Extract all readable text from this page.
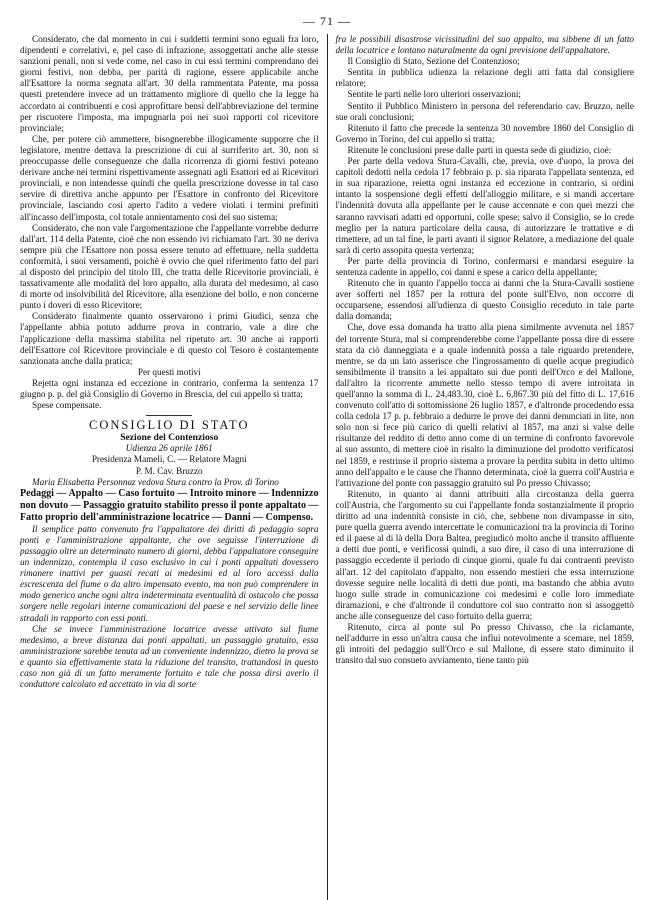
— 71 —

Considerato, che dal momento in cui i suddetti termini sono eguali fra loro, dipendenti e correlativi, e, pel caso di infrazione, assoggettati anche alle stesse sanzioni penali, non si vede come, nel caso in cui essi termini comprendano dei giorni festivi, non debba, per parità di ragione, essere applicabile anche all'Esattore la norma segnata all'art. 30 della rammentata Patente, ma possa questi pretendere invece ad un trattamento migliore di quello che la legge ha accordato ai contribuenti e così approfittare bensì dell'abbreviazione del termine per riscuotere l'imposta, ma impugnarla poi nei suoi rapporti col ricevitore provinciale;

Che, per potere ciò ammettere, bisognerebbe illogicamente supporre che il legislatore, mentre dettava la prescrizione di cui al surriferito art. 30, non si preoccupasse delle conseguenze che dalla ricorrenza di giorni festivi poteano derivare anche nei termini rispettivamente assegnati agli Esattori ed ai Ricevitori provinciali, e non intendesse quindi che quella prescrizione dovesse in tal caso servire di direttiva anche appunto per l'Esattore in confronto del Ricevitore provinciale, lasciando così aperto l'adito a vedere violati i termini prefiniti all'incasso dell'imposta, col totale annientamento così del suo sistema;

Considerato, che non vale l'argomentazione che l'appellante vorrebbe dedurre dall'art. 114 della Patente, cioè che non essendo ivi richiamato l'art. 30 ne deriva sempre più che l'Esattore non possa essere tenuto ad effettuare, nella suddetta conformità, i suoi versamenti, poichè è ovvio che quel riferimento fatto del pari al disposto del principio del titolo III, che tratta delle Ricevitorie provinciali, è tassativamente alle modalità del loro appalto, alla durata del medesimo, al caso di morte od insolvibilità del Ricevitore, alla esenzione del bollo, e non concerne punto i doveri di esso Ricevitore;

Considerato finalmente quanto osservarono i primi Giudici, senza che l'appellante abbia potuto addurre prova in contrario, vale a dire che l'applicazione della massima stabilita nel ripetuto art. 30 anche ai rapporti dell'Esattore col Ricevitore provinciale e di questo col Tesoro è costantemente sanzionata anche dalla pratica;

Per questi motivi

Rejetta ogni instanza ed eccezione in contrario, conferma la sentenza 17 giugno p. p. del già Consiglio di Governo in Brescia, del cui appello si tratta;

Spese compensate.

CONSIGLIO DI STATO
Sezione del Contenzioso

Udienza 26 aprile 1861

Presidenza Mameli, C. — Relatore Magni

P. M. Cav. Bruzzo

Maria Elisabetta Personnaz vedova Stura contro la Prov. di Torino

Pedaggi — Appalto — Caso fortuito — Introito minore — Indennizzo non dovuto — Passaggio gratuito stabilito presso il ponte appaltato — Fatto proprio dell'amministrazione locatrice — Danni — Compenso.

Il semplice patto convenuto fra l'appaltatore dei diritti di pedaggio sopra ponti e l'amministrazione appaltante, che ove seguisse l'interruzione di passaggio oltre un determinato numero di giorni, debba l'appaltatore conseguire un indennizzo, contempla il caso esclusivo in cui i ponti appaltati dovessero rimanere inattivi per guasti recati ai medesimi ed al loro accessi dalla escrescenza del fiume o da altro impensato evento, ma non può comprendere in modo generico anche ogni altra indeterminata eventualità di ostacolo che possa sorgere nelle regolari interne comunicazioni del paese e nel servizio delle linee stradali in rapporto con essi ponti.

Che se invece l'amministrazione locatrice avesse attivato sul fiume medesimo, a breve distanza dai ponti appaltati, un passaggio gratuito, essa amministrazione sarebbe tenuta ad un conveniente indennizzo, dietro la prova se e quanto sia effettivamente stata la riduzione del transito, trattandosi in questo caso non già di un fatto meramente fortuito e tale che possa dirsi averlo il conduttore calcolato ed accettato in via di sorte

fra le possibili disastrose vicissitudini del suo appalto, ma sibbene di un fatto della locatrice e lontano naturalmente da ogni previsione dell'appaltatore.

Il Consiglio di Stato, Sezione del Contenzioso;

Sentita in pubblica udienza la relazione degli atti fatta dal consigliere relatore;

Sentite le parti nelle loro ulteriori osservazioni;

Sentito il Pubblico Ministero in persona del referendario cav. Bruzzo, nelle sue orali conclusioni;

Ritenuto il fatto che precede la sentenza 30 novembre 1860 del Consiglio di Governo in Torino, del cui appello si tratta;

Ritenute le conclusioni prese dalle parti in questa sede di giudizio, cioè:

Per parte della vedova Stura-Cavalli, che, previa, ove d'uopo, la prova dei capitoli dedotti nella cedola 17 febbraio p. p. sia riparata l'appellata sentenza, ed in sua riparazione, reietta ogni instanza ed eccezione in contrario, si ordini intanto la sospensione degli effetti dell'alloggio militare, e si mandi accertare l'indennità dovuta alla appellante per le cause accennate e con quei mezzi che saranno ravvisati adatti ed opportuni, colle spese; salvo il Consiglio, se lo crede meglio per la natura particolare della causa, di autorizzare le trattative e di rimettere, ad un tal fine, le parti avanti il signor Relatore, a mediazione del quale sarà di certo assopita questa vertenza;

Per parte della provincia di Torino, confermarsi e mandarsi eseguire la sentenza cadente in appello, coi danni e spese a carico della appellante;

Ritenuto che in quanto l'appello tocca ai danni che la Stura-Cavalli sostiene aver sofferti nel 1857 per la rottura del ponte sull'Elvo, non occorre di occuparsene, essendosi all'udienza di questo Consiglio receduto in tale parte dalla domanda;

Che, dove essa domanda ha tratto alla piena similmente avvenuta nel 1857 del torrente Stura, mal si comprenderebbe come l'appellante possa dire di essere stata da ciò danneggiata e a quale indennità possa a tale riguardo pretendere, mentre, se da un lato asserisce che l'ingrossamento di quelle acque pregiudicò sensibilmente il transito a lei appaltato sui due ponti dell'Orco e del Mallone, dall'altro la ricorrente ammette nello stesso tempo di avere introitata in quell'anno la somma di L. 24,483.30, cioè L. 6,867.30 più del fitto di L. 17,616 convenuto coll'atto di sottomissione 26 luglio 1857, e d'altronde procedendo essa colla cedola 17 p. p. febbraio a dedurre le prove dei danni denunciati in lite, non solo non si fece più carico di quelli relativi al 1857, ma anzi si valse delle risultanze del reddito di detto anno come di un termine di confronto favorevole al suo assunto, di mettere cioè in risalto la diminuzione del prodotto verificatosi nel 1859, e restrinse il proprio sistema a provare la perdita subita in detto ultimo anno dell'appalto e le cause che l'hanno determinata, cioè la guerra coll'Austria e l'attivazione del ponte con passaggio gratuito sul Po presso Chivasso;

Ritenuto, in quanto ai danni attribuiti alla circostanza della guerra coll'Austria, che l'argomento su cui l'appellante fonda sostanzialmente il proprio diritto ad una indennità consiste in ciò, che, sebbene non divampasse in sito, pure quella guerra avendo intercettate le comunicazioni tra la provincia di Torino ed il paese al di là della Dora Baltea, pregiudicò molto anche il transito affluente a detti due ponti, e verificossi quindi, a suo dire, il caso di una interruzione di passaggio eccedente il periodo di cinque giorni, quale fu dai contraenti previsto all'art. 12 del capitolato d'appalto, non essendo mestieri che essa interruzione dovesse seguire nelle località di detti due ponti, ma bastando che abbia avuto luogo sulle strade in comunicazione coi medesimi e colle loro immediate diramazioni, e che d'altronde il conduttore col suo contratto non si assoggettò anche alle conseguenze del caso fortuito della guerra;

Ritenuto, circa al ponte sul Po presso Chivasso, che la riclamante, nell'addurre in esso un'altra causa che influì notevolmente a scemare, nel 1859, gli introiti del pedaggio sull'Orco e sul Mallone, di essere stato diminuito il transito dal suo consueto avviamento, tiene tanto più
